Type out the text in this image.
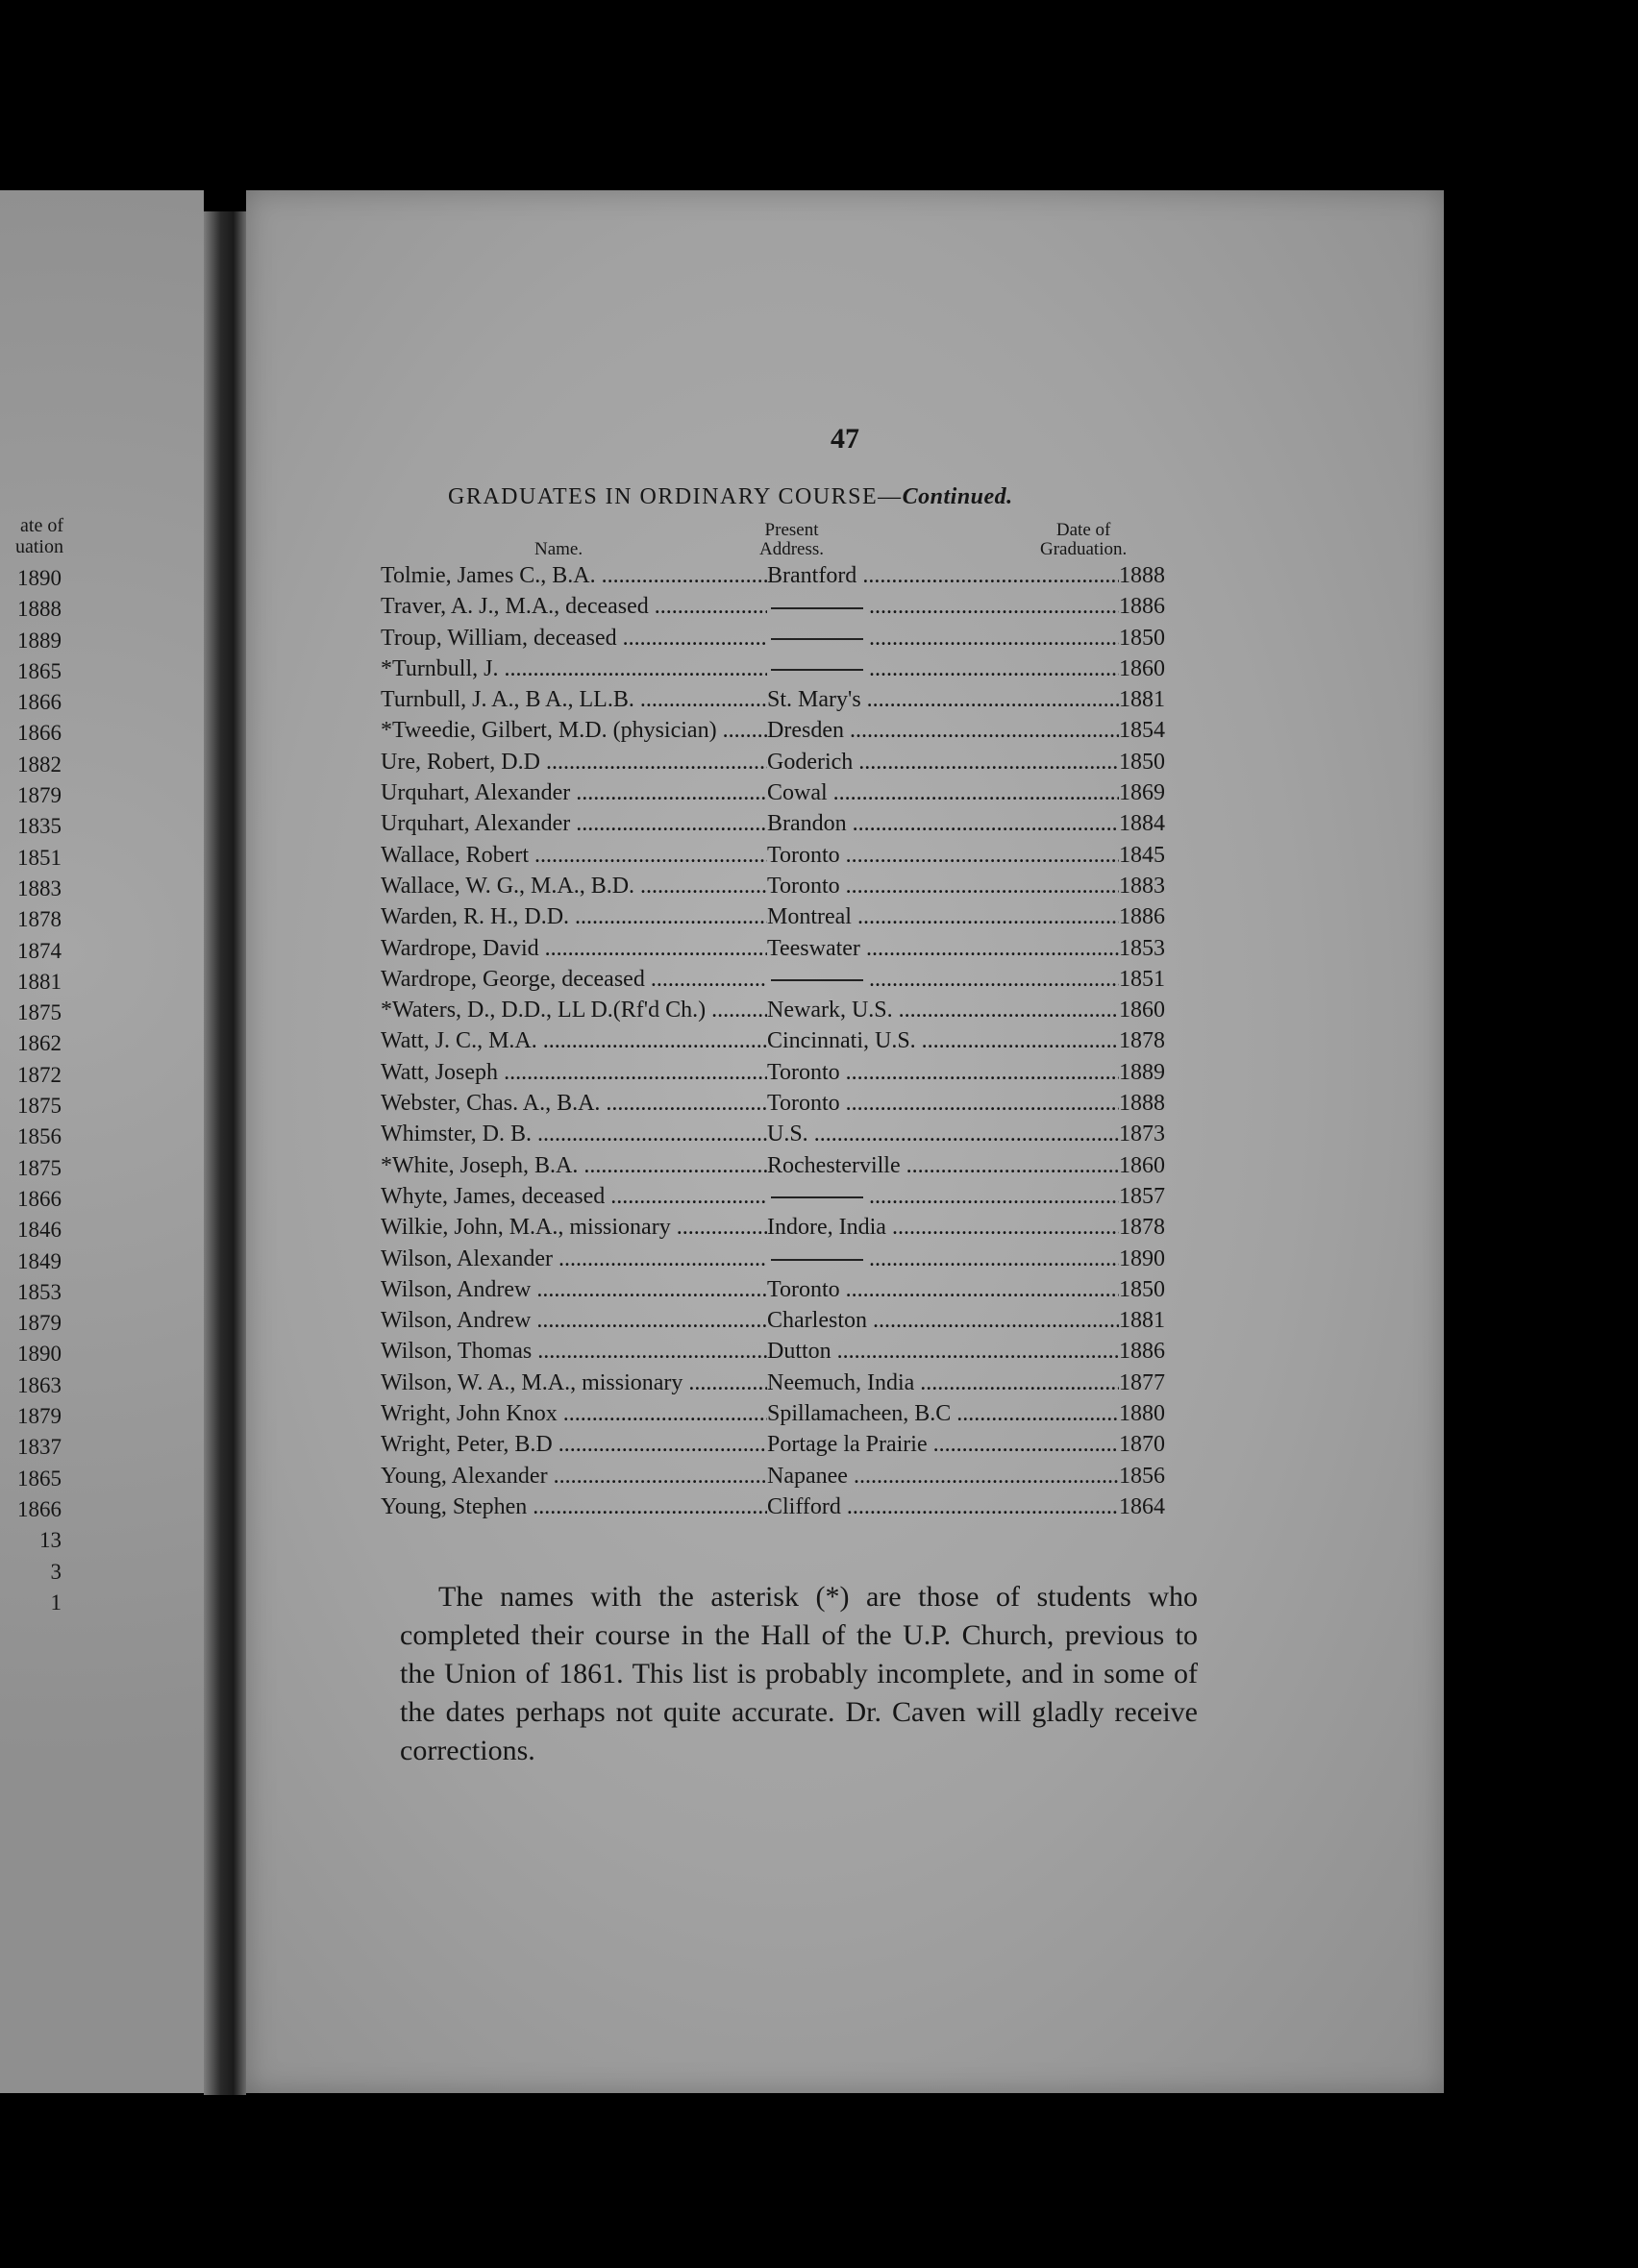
ate of
uation
1890
1888
1889
1865
1866
1866
1882
1879
1835
1851
1883
1878
1874
1881
1875
1862
1872
1875
1856
1875
1866
1846
1849
1853
1879
1890
1863
1879
1837
1865
1866
13
3
1
47
GRADUATES IN ORDINARY COURSE—Continued.
Name.
Present
Address.
Date of
Graduation.
Tolmie, James C., B.A. .....	Brantford .....	1888
Traver, A. J., M.A., deceased ..... .....	1886
Troup, William, deceased ..... .....	1850
*Turnbull, J. ..... .....	1860
Turnbull, J. A., B A., LL.B. .....	St. Mary's .....	1881
*Tweedie, Gilbert, M.D. (physician) .....	Dresden .....	1854
Ure, Robert, D.D .....	Goderich .....	1850
Urquhart, Alexander .....	Cowal .....	1869
Urquhart, Alexander .....	Brandon .....	1884
Wallace, Robert .....	Toronto .....	1845
Wallace, W. G., M.A., B.D. .....	Toronto .....	1883
Warden, R. H., D.D. .....	Montreal .....	1886
Wardrope, David .....	Teeswater .....	1853
Wardrope, George, deceased ..... .....	1851
*Waters, D., D.D., LL D.(Rf'd Ch.) .....	Newark, U.S. .....	1860
Watt, J. C., M.A. .....	Cincinnati, U.S. .....	1878
Watt, Joseph .....	Toronto .....	1889
Webster, Chas. A., B.A. .....	Toronto .....	1888
Whimster, D. B. .....	U.S. .....	1873
*White, Joseph, B.A. .....	Rochesterville .....	1860
Whyte, James, deceased ..... .....	1857
Wilkie, John, M.A., missionary .....	Indore, India .....	1878
Wilson, Alexander ..... .....	1890
Wilson, Andrew .....	Toronto .....	1850
Wilson, Andrew .....	Charleston .....	1881
Wilson, Thomas .....	Dutton .....	1886
Wilson, W. A., M.A., missionary .....	Neemuch, India .....	1877
Wright, John Knox .....	Spillamacheen, B.C .....	1880
Wright, Peter, B.D .....	Portage la Prairie .....	1870
Young, Alexander .....	Napanee .....	1856
Young, Stephen .....	Clifford .....	1864

The names with the asterisk (*) are those of students who completed their course in the Hall of the U.P. Church, previous to the Union of 1861. This list is probably incomplete, and in some of the dates perhaps not quite accurate. Dr. Caven will gladly receive corrections.
